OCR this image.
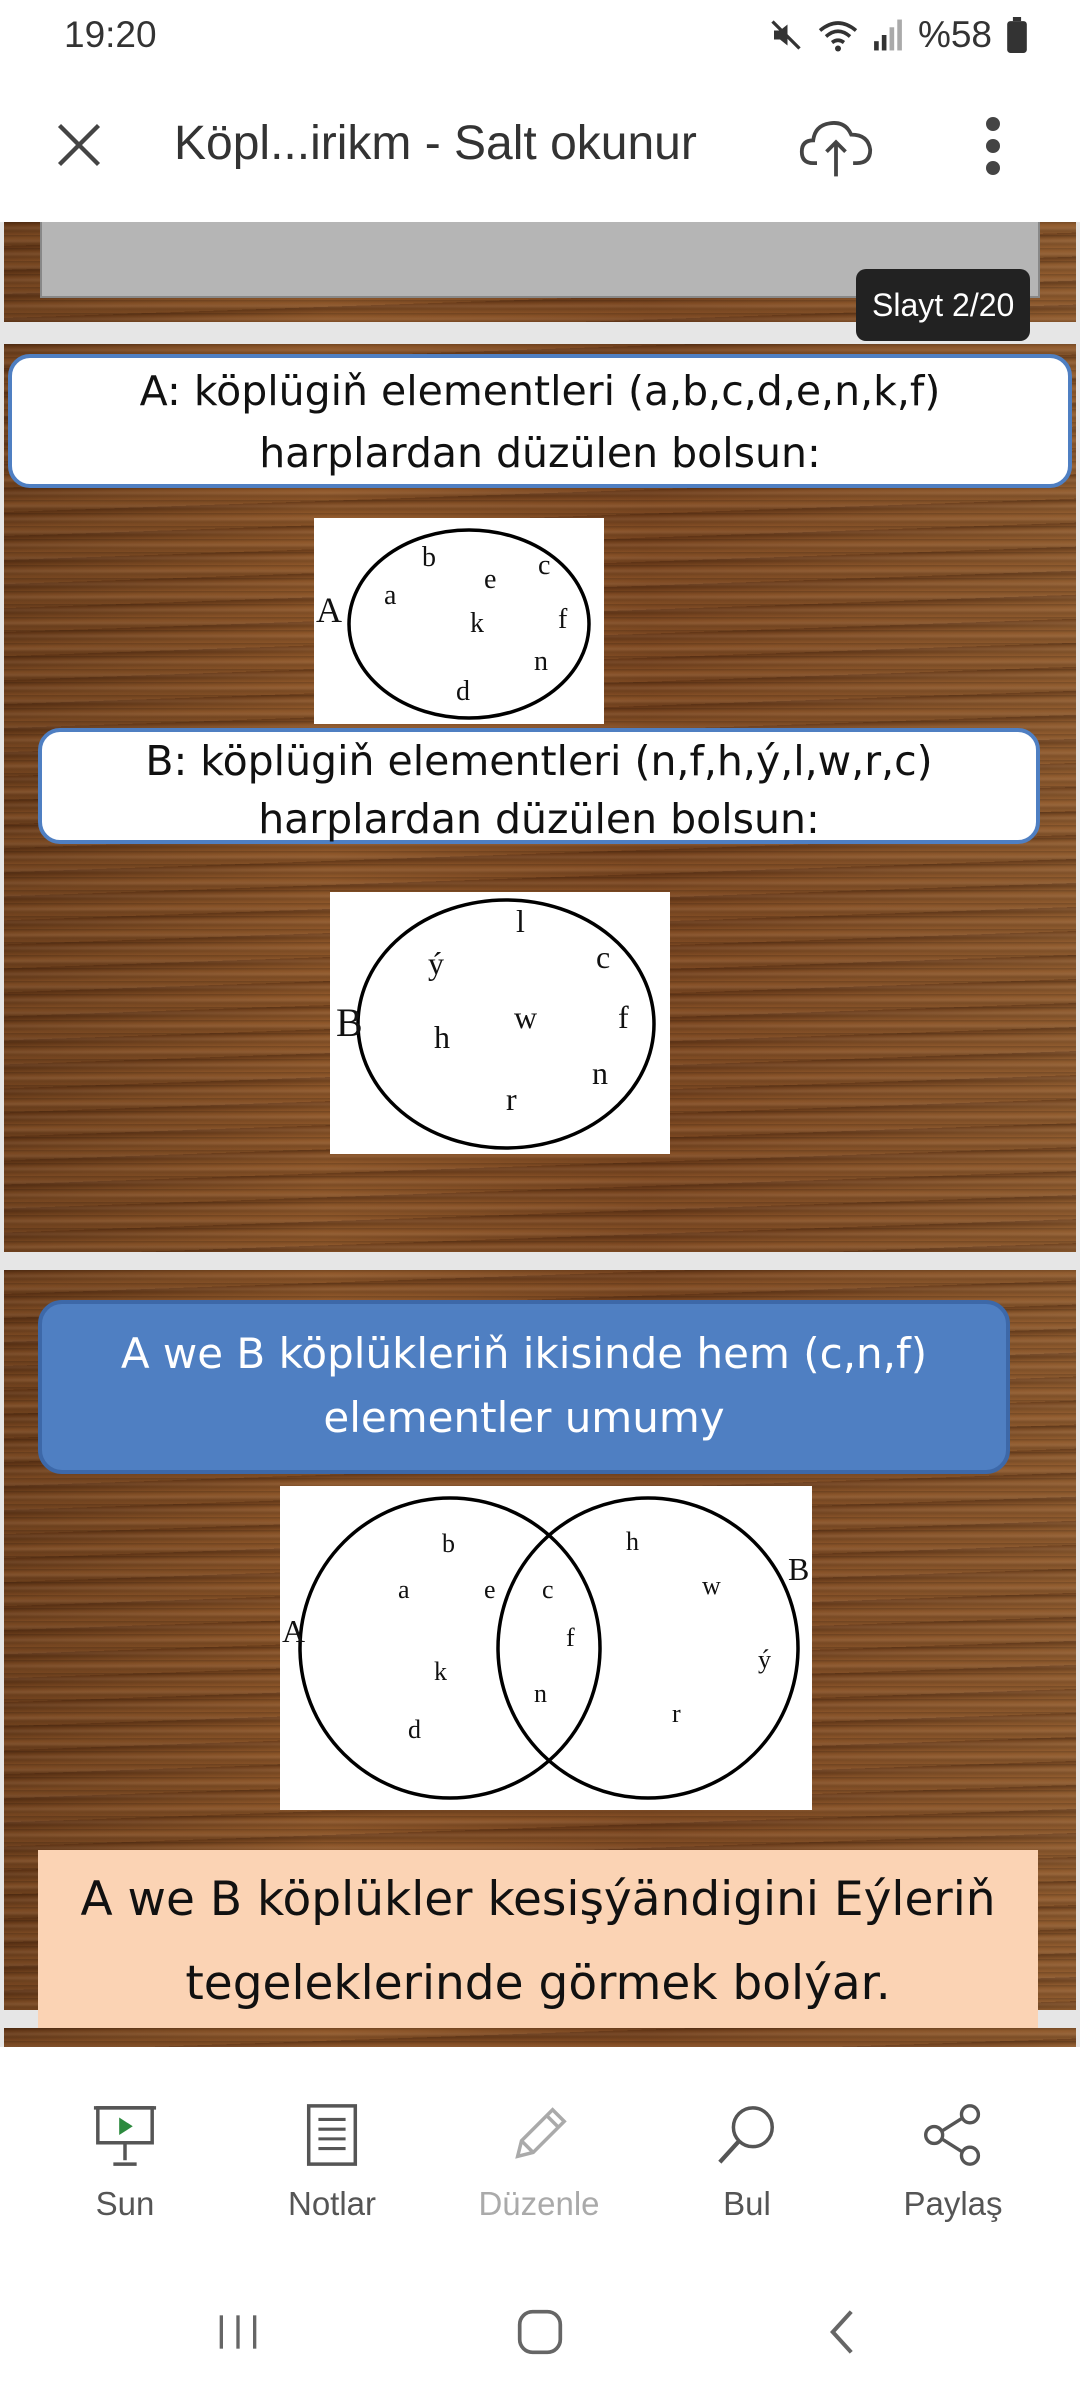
19:20	%58
Köpl...irikm - Salt okunur
Slayt 2/20
A: köplügiň elementleri (a,b,c,d,e,n,k,f)
harplardan düzülen bolsun:
A
b
e c
a
k	f
n
d
B: köplügiň elementleri (n,f,h,ý,l,w,r,c)
harplardan düzülen bolsun:
B
l
ý	c
w	f
h
n
r
A we B köplükleriň ikisinde hem (c,n,f)
elementler umumy
A
B
b
a	e
k
d
c
f
n
h
w
ý
r
A we B köplükler kesişýändigini Eýleriň
tegeleklerinde görmek bolýar.
Sun	Notlar	Düzenle	Bul	Paylaş
